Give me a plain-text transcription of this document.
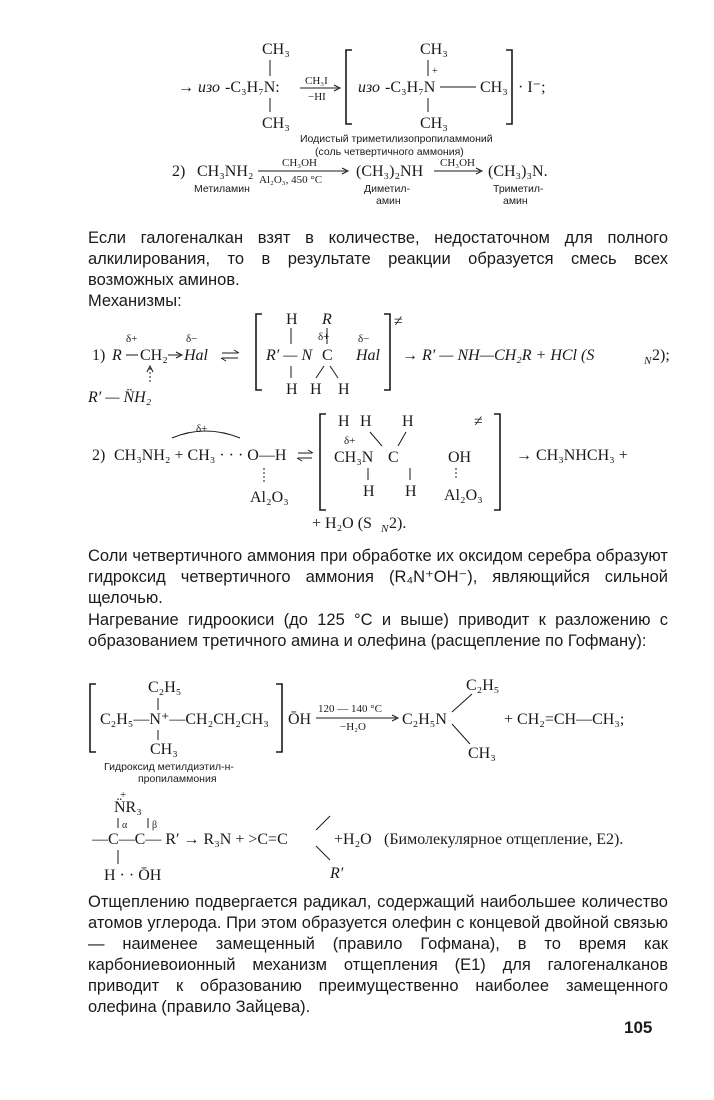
→ изо -C₃H₇N:
CH₃
CH₃
CH₃I
−HI
изо -C₃H₇N
CH₃
+
CH₃
CH₃
· I⁻;
Иодистый триметилизопропиламмоний
(соль четвертичного аммония)
2) CH₃NH₂	CH₃OH
Al₂O₃, 450 °C (CH₃)₂NH CH₃OH (CH₃)₃N.
Метиламин	Диметил-
амин
Триметил-
амин

Если галогеналкан взят в количестве, недостаточном для полного алкилирования, то в результате реакции образуется смесь всех возможных аминов.

Механизмы:

1) R
δ+
CH₂
δ−
Hal
R′ — N̈H₂
H R
δ+	δ−
R′ — N C Hal
H H H
≠
→ R′ — NH—CH₂R + HCl (S	N 2);
δ+
2) CH₃NH₂ + CH₃ · · · O—H
Al₂O₃
H H H
δ+
CH₃N C	OH
H H Al₂O₃
≠
→ CH₃NHCH₃ +
+ H₂O (S N 2).

Соли четвертичного аммония при обработке их оксидом серебра образуют гидроксид четвертичного аммония (R₄N⁺OH⁻), являющийся сильной щелочью.

Нагревание гидроокиси (до 125 °C и выше) приводит к разложению с образованием третичного амина и олефина (расщепление по Гофману):

C₂H₅
C₂H₅—N⁺—CH₂CH₂CH₃
CH₃
ŌH
120 — 140 °C
−H₂O C₂H₅N
C₂H₅
CH₃
+ CH₂=CH—CH₃;
Гидроксид метилдиэтил-н-
пропиламмония
+
N̈R₃
α β
—C—C— R′ → R₃N + >C=C
H · · ŌH
+H₂O
R′
(Бимолекулярное отщепление, E2).

Отщеплению подвергается радикал, содержащий наибольшее количество атомов углерода. При этом образуется олефин с концевой двойной связью — наименее замещенный (правило Гофмана), в то время как карбониевоионный механизм отщепления (E1) для галогеналканов приводит к образованию преимущественно наиболее замещенного олефина (правило Зайцева).

105
